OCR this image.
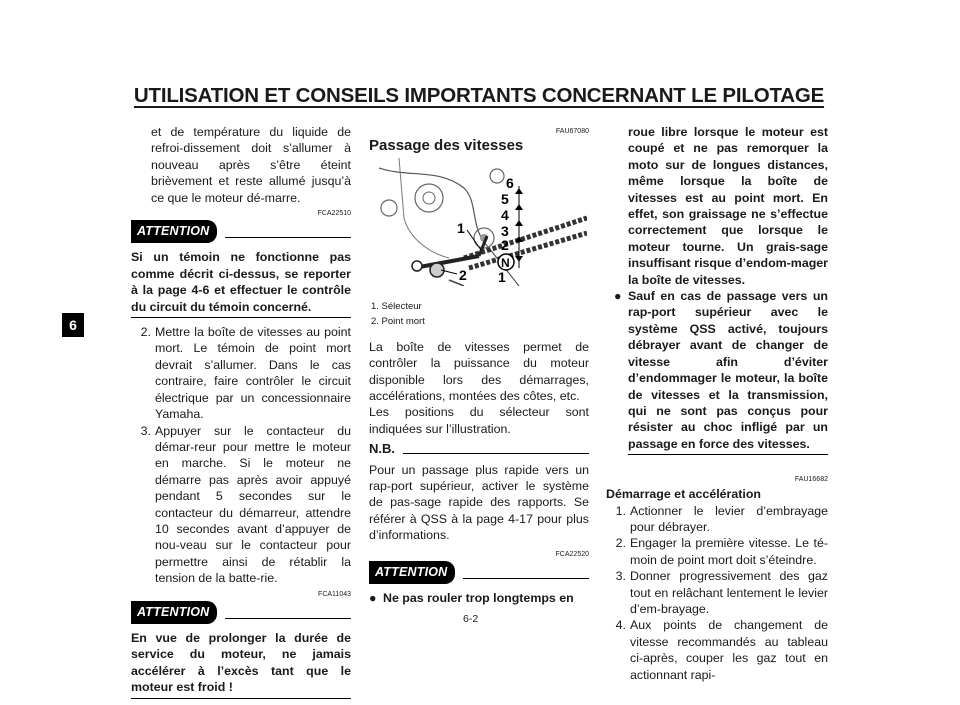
UTILISATION ET CONSEILS IMPORTANTS CONCERNANT LE PILOTAGE
6

et de température du liquide de refroi-dissement doit s’allumer à nouveau après s’être éteint brièvement et reste allumé jusqu’à ce que le moteur dé-marre.

FCA22510
ATTENTION

Si un témoin ne fonctionne pas comme décrit ci-dessus, se reporter à la page 4-6 et effectuer le contrôle du circuit du témoin concerné.

2. Mettre la boîte de vitesses au point mort. Le témoin de point mort devrait s’allumer. Dans le cas contraire, faire contrôler le circuit électrique par un concessionnaire Yamaha.
3. Appuyer sur le contacteur du démar-reur pour mettre le moteur en marche. Si le moteur ne démarre pas après avoir appuyé pendant 5 secondes sur le contacteur du démarreur, attendre 10 secondes avant d’appuyer de nou-veau sur le contacteur pour permettre ainsi de rétablir la tension de la batte-rie.
FCA11043
ATTENTION

En vue de prolonger la durée de service du moteur, ne jamais accélérer à l’excès tant que le moteur est froid !

FAU67080
Passage des vitesses
6
5
4
3
2
N
1
1
2
1. Sélecteur
2. Point mort

La boîte de vitesses permet de contrôler la puissance du moteur disponible lors des démarrages, accélérations, montées des côtes, etc.

Les positions du sélecteur sont indiquées sur l’illustration.

N.B.

Pour un passage plus rapide vers un rap-port supérieur, activer le système de pas-sage rapide des rapports. Se référer à QSS à la page 4-17 pour plus d’informations.

FCA22520
ATTENTION
● Ne pas rouler trop longtemps en

roue libre lorsque le moteur est coupé et ne pas remorquer la moto sur de longues distances, même lorsque la boîte de vitesses est au point mort. En effet, son graissage ne s’effectue correctement que lorsque le moteur tourne. Un grais-sage insuffisant risque d’endom-mager la boîte de vitesses.

● Sauf en cas de passage vers un rap-port supérieur avec le système QSS activé, toujours débrayer avant de changer de vitesse afin d’éviter d’endommager le moteur, la boîte de vitesses et la transmission, qui ne sont pas conçus pour résister au choc infligé par un passage en force des vitesses.
FAU16682

Démarrage et accélération

1. Actionner le levier d’embrayage pour débrayer.
2. Engager la première vitesse. Le té-moin de point mort doit s’éteindre.
3. Donner progressivement des gaz tout en relâchant lentement le levier d’em-brayage.
4. Aux points de changement de vitesse recommandés au tableau ci-après, couper les gaz tout en actionnant rapi-
6-2
